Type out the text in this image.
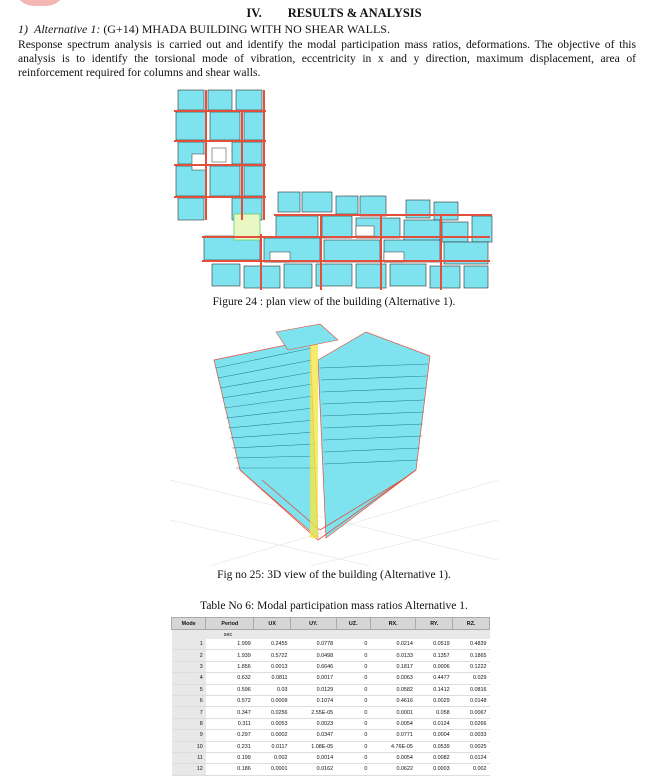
IV. RESULTS & ANALYSIS
1) Alternative 1: (G+14) MHADA BUILDING WITH NO SHEAR WALLS.
Response spectrum analysis is carried out and identify the modal participation mass ratios, deformations. The objective of this analysis is to identify the torsional mode of vibration, eccentricity in x and y direction, maximum displacement, area of reinforcement required for columns and shear walls.
Figure 24 : plan view of the building (Alternative 1).
Fig no 25: 3D view of the building (Alternative 1).
Table No 6: Modal participation mass ratios Alternative 1.
Mode	Period	UX	UY.	UZ.	RX.	RY.	RZ.
	sec						
1	1.999	0.2455	0.0778	0	0.0214	0.0519	0.4839
2	1.939	0.5722	0.0498	0	0.0133	0.1357	0.1865
3	1.856	0.0013	0.6646	0	0.1817	0.0006	0.1222
4	0.632	0.0811	0.0017	0	0.0063	0.4477	0.029
5	0.596	0.03	0.0129	0	0.0582	0.1412	0.0816
6	0.572	0.0009	0.1074	0	0.4616	0.0029	0.0148
7	0.347	0.0256	2.55E-05	0	0.0001	0.058	0.0067
8	0.311	0.0053	0.0023	0	0.0054	0.0124	0.0266
9	0.297	0.0002	0.0347	0	0.0771	0.0004	0.0033
10	0.231	0.0117	1.08E-05	0	4.76E-05	0.0539	0.0025
11	0.199	0.002	0.0014	0	0.0054	0.0082	0.0124
12	0.186	0.0001	0.0162	0	0.0622	0.0003	0.002
